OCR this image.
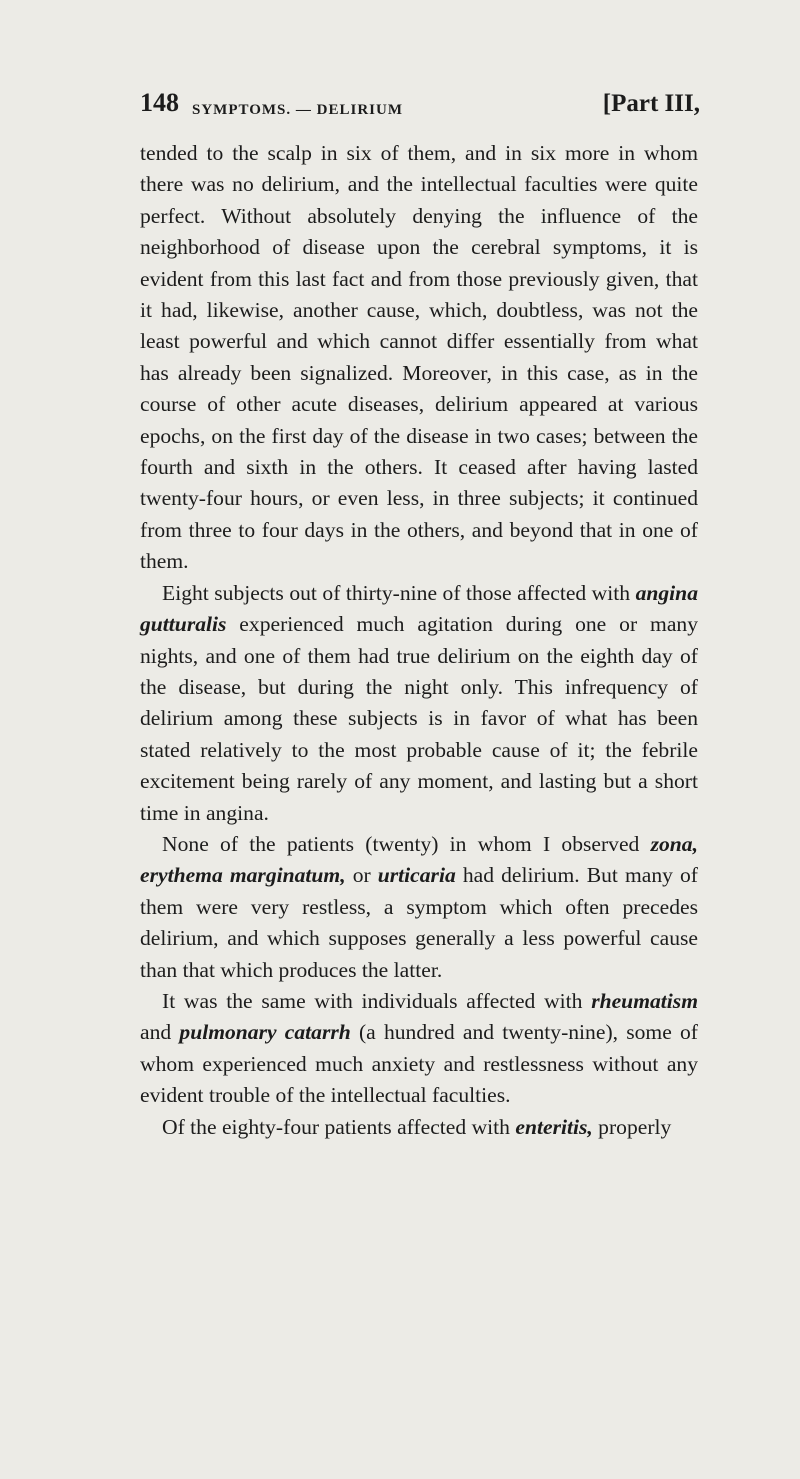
148 SYMPTOMS. — DELIRIUM	[Part III,

tended to the scalp in six of them, and in six more in whom there was no delirium, and the intellectual faculties were quite perfect. Without absolutely denying the influence of the neighborhood of disease upon the cerebral symptoms, it is evident from this last fact and from those previously given, that it had, likewise, another cause, which, doubtless, was not the least powerful and which cannot differ essentially from what has already been signalized. Moreover, in this case, as in the course of other acute diseases, delirium appeared at various epochs, on the first day of the disease in two cases; between the fourth and sixth in the others. It ceased after having lasted twenty-four hours, or even less, in three subjects; it continued from three to four days in the others, and beyond that in one of them.

Eight subjects out of thirty-nine of those affected with angina gutturalis experienced much agitation during one or many nights, and one of them had true delirium on the eighth day of the disease, but during the night only. This infrequency of delirium among these subjects is in favor of what has been stated relatively to the most probable cause of it; the febrile excitement being rarely of any moment, and lasting but a short time in angina.

None of the patients (twenty) in whom I observed zona, erythema marginatum, or urticaria had delirium. But many of them were very restless, a symptom which often precedes delirium, and which supposes generally a less powerful cause than that which produces the latter.

It was the same with individuals affected with rheumatism and pulmonary catarrh (a hundred and twenty-nine), some of whom experienced much anxiety and restlessness without any evident trouble of the intellectual faculties.

Of the eighty-four patients affected with enteritis, properly
